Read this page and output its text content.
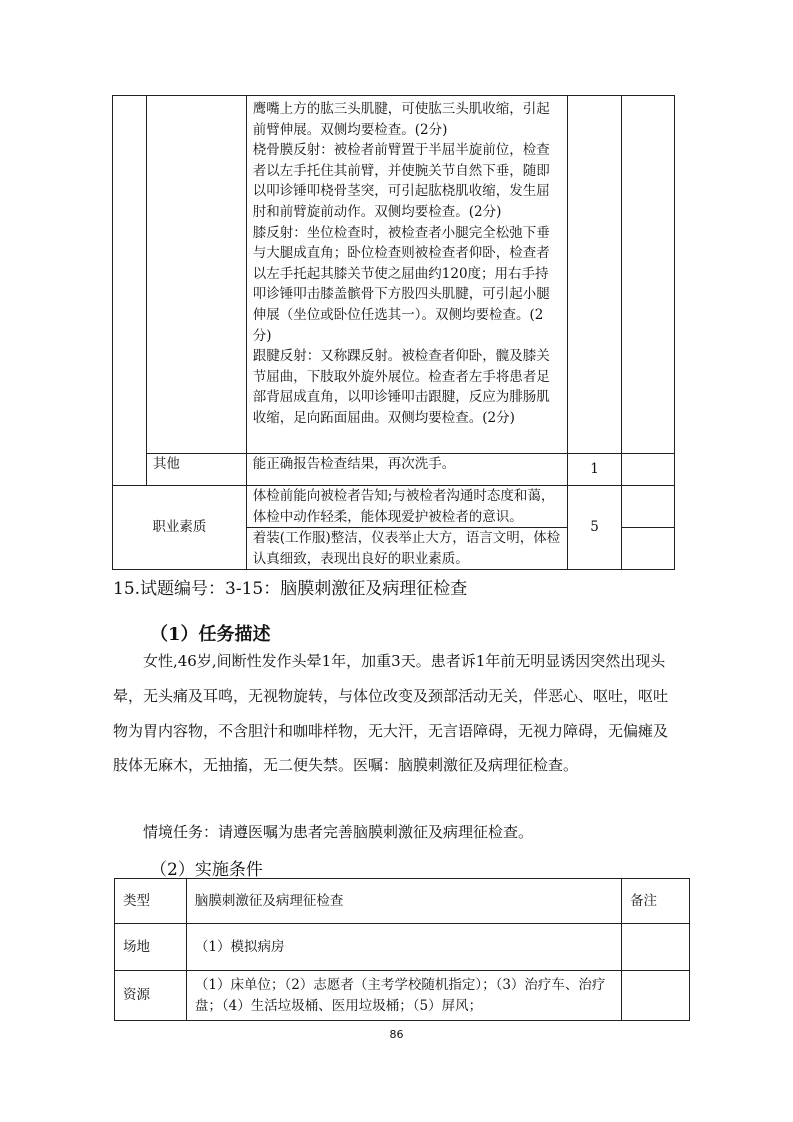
		鹰嘴上方的肱三头肌腱，可使肱三头肌收缩，引起前臂伸展。双侧均要检查。(2分)
桡骨膜反射：被检者前臂置于半屈半旋前位，检查者以左手托住其前臂，并使腕关节自然下垂，随即以叩诊锤叩桡骨茎突，可引起肱桡肌收缩，发生屈肘和前臂旋前动作。双侧均要检查。(2分)
膝反射：坐位检查时，被检查者小腿完全松弛下垂与大腿成直角；卧位检查则被检查者仰卧，检查者以左手托起其膝关节使之屈曲约120度；用右手持叩诊锤叩击膝盖髌骨下方股四头肌腱，可引起小腿伸展（坐位或卧位任选其一）。双侧均要检查。(2分)
跟腱反射：又称踝反射。被检查者仰卧，髋及膝关节屈曲，下肢取外旋外展位。检查者左手将患者足部背屈成直角，以叩诊锤叩击跟腱，反应为腓肠肌收缩，足向跖面屈曲。双侧均要检查。(2分)		

	其他	能正确报告检查结果，再次洗手。	1	
职业素质		体检前能向被检者告知;与被检者沟通时态度和蔼，体检中动作轻柔，能体现爱护被检者的意识。	5	
		着装(工作服)整洁，仪表举止大方，语言文明，体检认真细致，表现出良好的职业素质。		
15.试题编号：3-15：脑膜刺激征及病理征检查
（1）任务描述
女性,46岁,间断性发作头晕1年，加重3天。患者诉1年前无明显诱因突然出现头晕，无头痛及耳鸣，无视物旋转，与体位改变及颈部活动无关，伴恶心、呕吐，呕吐物为胃内容物，不含胆汁和咖啡样物，无大汗，无言语障碍，无视力障碍，无偏瘫及肢体无麻木，无抽搐，无二便失禁。医嘱：脑膜刺激征及病理征检查。
情境任务：请遵医嘱为患者完善脑膜刺激征及病理征检查。
（2）实施条件
类型	脑膜刺激征及病理征检查	备注
场地	（1）模拟病房	
资源	（1）床单位；（2）志愿者（主考学校随机指定）；（3）治疗车、治疗盘；（4）生活垃圾桶、医用垃圾桶；（5）屏风；	
86
